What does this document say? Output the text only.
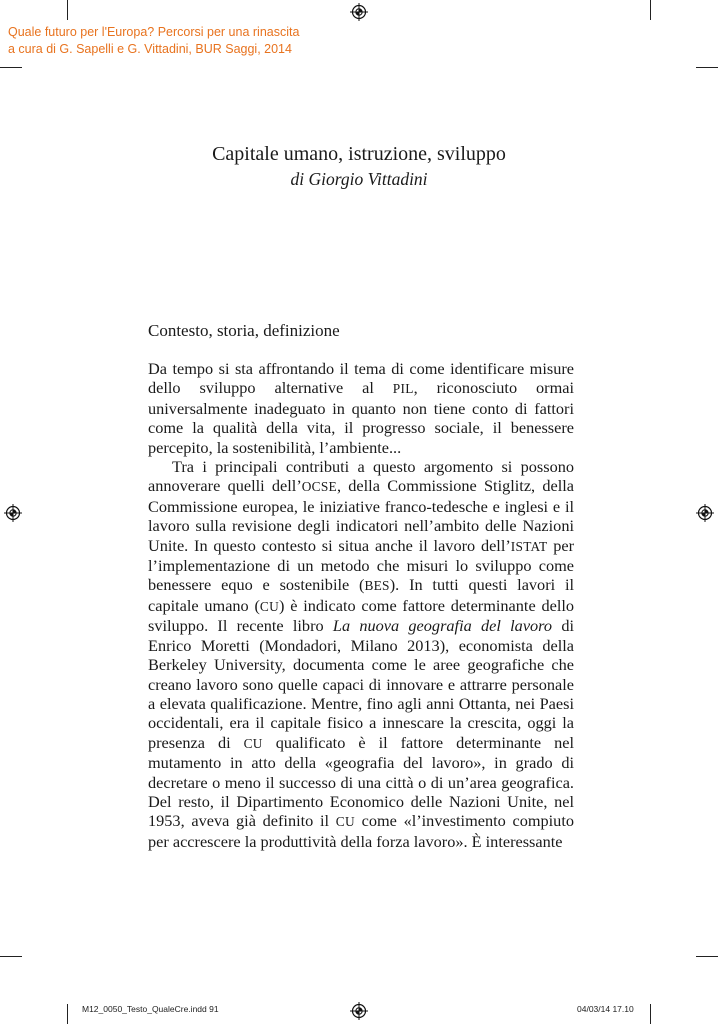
Quale futuro per l'Europa? Percorsi per una rinascita
a cura di G. Sapelli e G. Vittadini, BUR Saggi, 2014
Capitale umano, istruzione, sviluppo
di Giorgio Vittadini
Contesto, storia, definizione

Da tempo si sta affrontando il tema di come identificare misure dello sviluppo alternative al PIL, riconosciuto ormai universalmente inadeguato in quanto non tiene conto di fattori come la qualità della vita, il progresso sociale, il benessere percepito, la sostenibilità, l’ambiente...

Tra i principali contributi a questo argomento si possono annoverare quelli dell’OCSE, della Commissione Stiglitz, della Commissione europea, le iniziative franco-tedesche e inglesi e il lavoro sulla revisione degli indicatori nell’ambito delle Nazioni Unite. In questo contesto si situa anche il lavoro dell’ISTAT per l’implementazione di un metodo che misuri lo sviluppo come benessere equo e sostenibile (BES). In tutti questi lavori il capitale umano (CU) è indicato come fattore determinante dello sviluppo. Il recente libro La nuova geografia del lavoro di Enrico Moretti (Mondadori, Milano 2013), economista della Berkeley University, documenta come le aree geografiche che creano lavoro sono quelle capaci di innovare e attrarre personale a elevata qualificazione. Mentre, fino agli anni Ottanta, nei Paesi occidentali, era il capitale fisico a innescare la crescita, oggi la presenza di CU qualificato è il fattore determinante nel mutamento in atto della «geografia del lavoro», in grado di decretare o meno il successo di una città o di un’area geografica. Del resto, il Dipartimento Economico delle Nazioni Unite, nel 1953, aveva già definito il CU come «l’investimento compiuto per accrescere la produttività della forza lavoro». È interessante

M12_0050_Testo_QualeCre.indd 91	04/03/14 17.10
